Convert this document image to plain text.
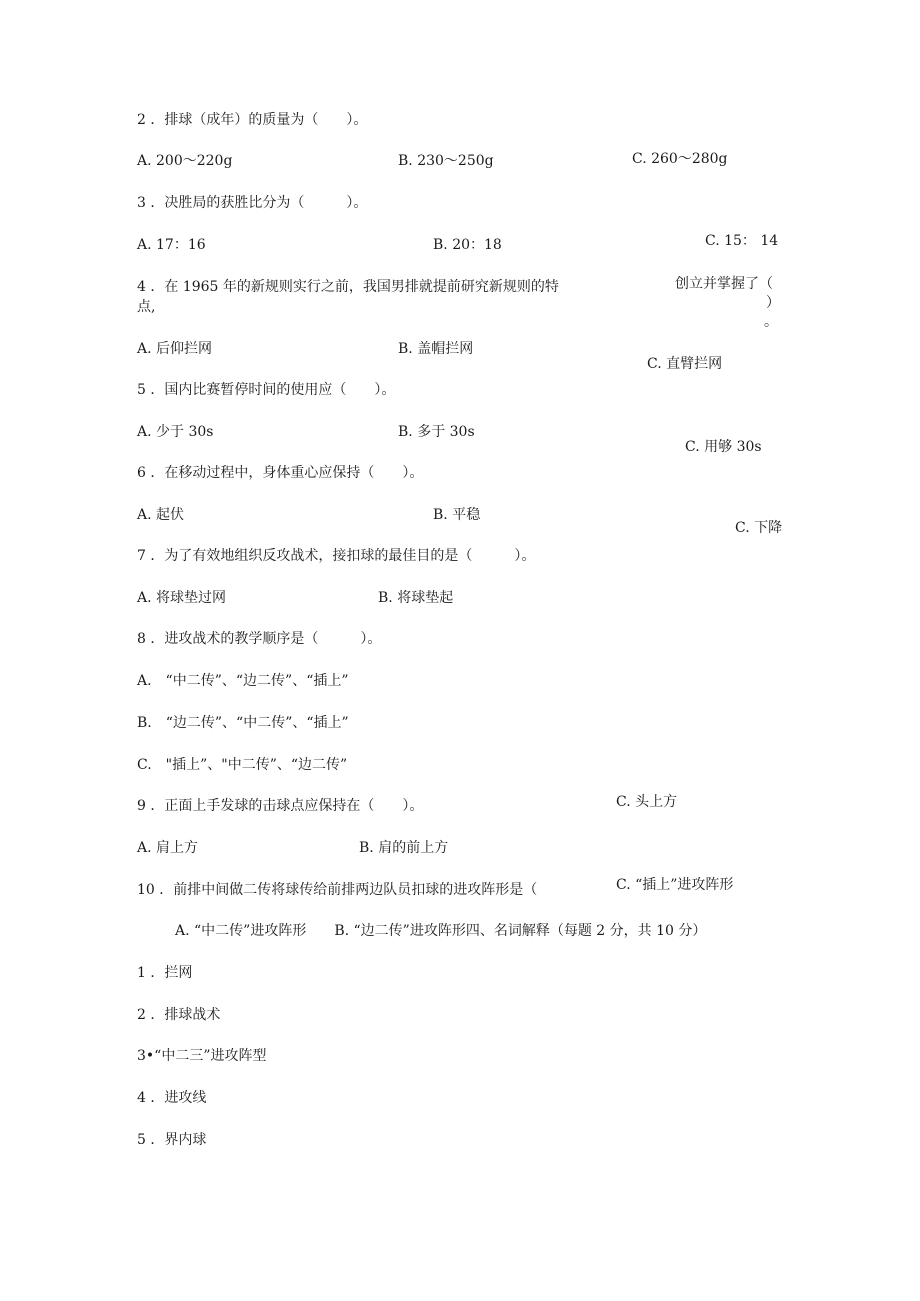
2 ．排球（成年）的质量为（　　）。
A. 200～220g	B. 230～250g	C. 260～280g
3 ．决胜局的获胜比分为（　　　）。
A. 17：16	B. 20：18	C. 15： 14
4 ．在 1965 年的新规则实行之前，我国男排就提前研究新规则的特
点,
创立并掌握了（
）
。
A. 后仰拦网	B. 盖帽拦网
C. 直臂拦网
5 ．国内比赛暂停时间的使用应（　　）。
A. 少于 30s	B. 多于 30s
C. 用够 30s
6 ．在移动过程中，身体重心应保持（　　）。
A. 起伏	B. 平稳
C. 下降
7 ．为了有效地组织反攻战术，接扣球的最佳目的是（　　　）。
A. 将球垫过网	B. 将球垫起
8 ．进攻战术的教学顺序是（　　　）。
A.　“中二传”、“边二传”、“插上”
B.　“边二传”、“中二传”、“插上”
C.　"插上”、"中二传”、“边二传”
9 ．正面上手发球的击球点应保持在（　　）。	C. 头上方
A. 肩上方	B. 肩的前上方
10 ．前排中间做二传将球传给前排两边队员扣球的进攻阵形是（	C. “插上”进攻阵形
A. “中二传”进攻阵形　　B. “边二传”进攻阵形四、名词解释（每题 2 分，共 10 分）
1 ．拦网
2 ．排球战术
3•“中二三”进攻阵型
4 ．进攻线
5 ．界内球
